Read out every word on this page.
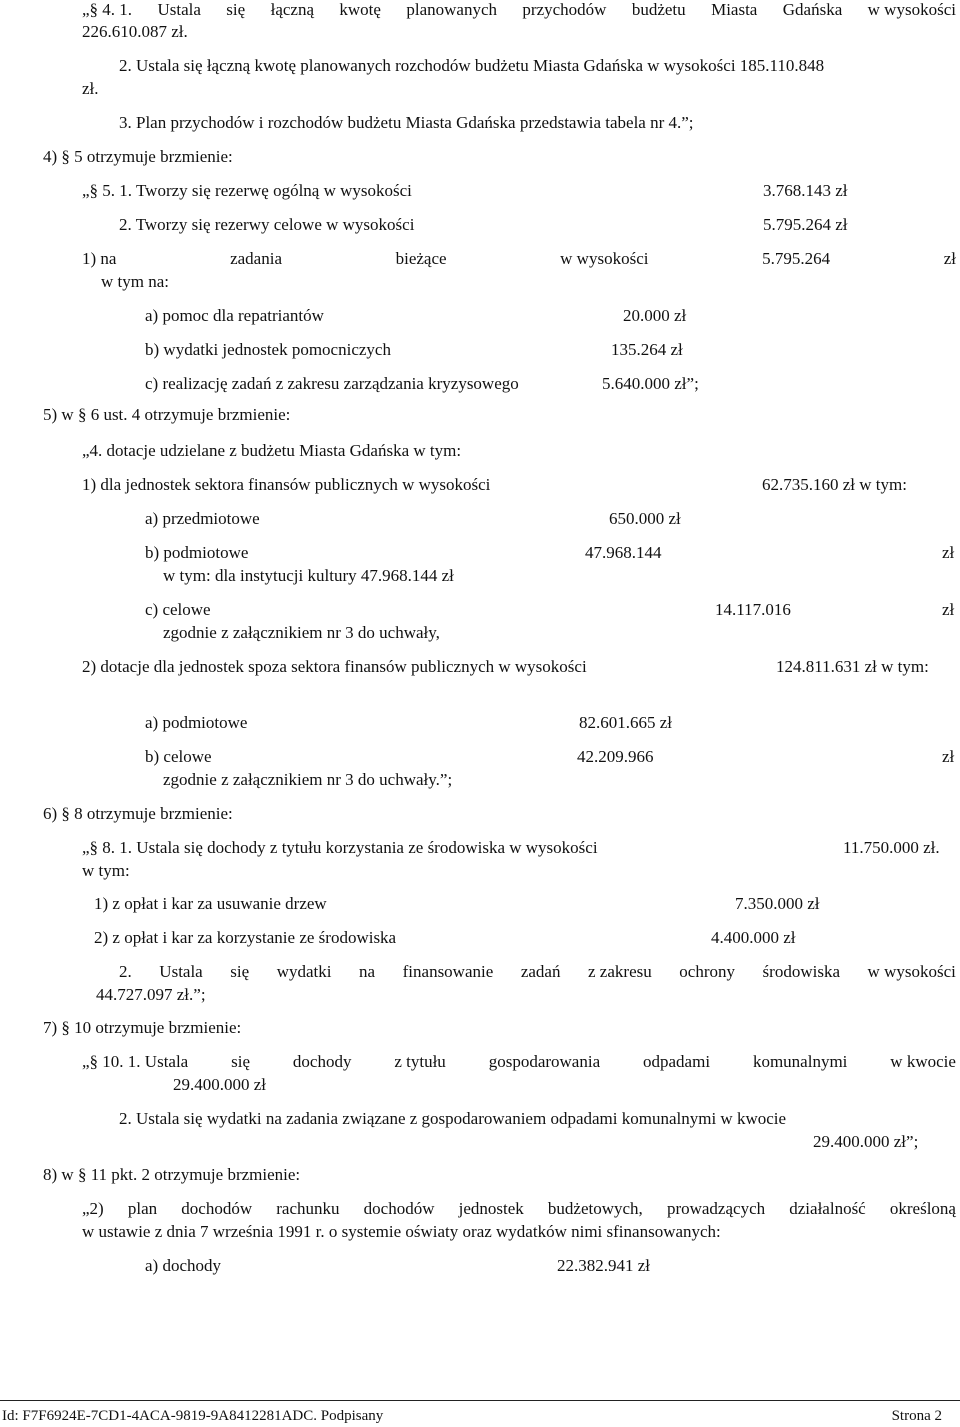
„§ 4. 1. Ustala się łączną kwotę planowanych przychodów budżetu Miasta Gdańska w wysokości
226.610.087 zł.
2. Ustala się łączną kwotę planowanych rozchodów budżetu Miasta Gdańska w wysokości 185.110.848
zł.
3. Plan przychodów i rozchodów budżetu Miasta Gdańska przedstawia tabela nr 4.”;
4) § 5 otrzymuje brzmienie:
„§ 5. 1. Tworzy się rezerwę ogólną w wysokości	3.768.143 zł
2. Tworzy się rezerwy celowe w wysokości	5.795.264 zł
1) na	zadania	bieżące	w wysokości	5.795.264	zł
w tym na:
a) pomoc dla repatriantów	20.000 zł
b) wydatki jednostek pomocniczych	135.264 zł
c) realizację zadań z zakresu zarządzania kryzysowego	5.640.000 zł”;
5) w § 6 ust. 4 otrzymuje brzmienie:
„4. dotacje udzielane z budżetu Miasta Gdańska w tym:
1) dla jednostek sektora finansów publicznych w wysokości	62.735.160 zł w tym:
a) przedmiotowe	650.000 zł
b) podmiotowe	47.968.144	zł
w tym: dla instytucji kultury 47.968.144 zł
c) celowe	14.117.016	zł
zgodnie z załącznikiem nr 3 do uchwały,
2) dotacje dla jednostek spoza sektora finansów publicznych w wysokości	124.811.631 zł w tym:
a) podmiotowe	82.601.665 zł
b) celowe	42.209.966	zł
zgodnie z załącznikiem nr 3 do uchwały.”;
6) § 8 otrzymuje brzmienie:
„§ 8. 1. Ustala się dochody z tytułu korzystania ze środowiska w wysokości	11.750.000 zł.
w tym:
1) z opłat i kar za usuwanie drzew	7.350.000 zł
2) z opłat i kar za korzystanie ze środowiska	4.400.000 zł
2. Ustala się wydatki na finansowanie zadań z zakresu ochrony środowiska w wysokości
44.727.097 zł.”;
7) § 10 otrzymuje brzmienie:
„§ 10. 1. Ustala	się	dochody	z tytułu	gospodarowania	odpadami	komunalnymi	w kwocie
29.400.000 zł
2. Ustala się wydatki na zadania związane z gospodarowaniem odpadami komunalnymi w kwocie
29.400.000 zł”;
8) w § 11 pkt. 2 otrzymuje brzmienie:
„2) plan dochodów rachunku dochodów jednostek budżetowych, prowadzących działalność określoną
w ustawie z dnia 7 września 1991 r. o systemie oświaty oraz wydatków nimi sfinansowanych:
a) dochody	22.382.941 zł
Id: F7F6924E-7CD1-4ACA-9819-9A8412281ADC. Podpisany	Strona 2
